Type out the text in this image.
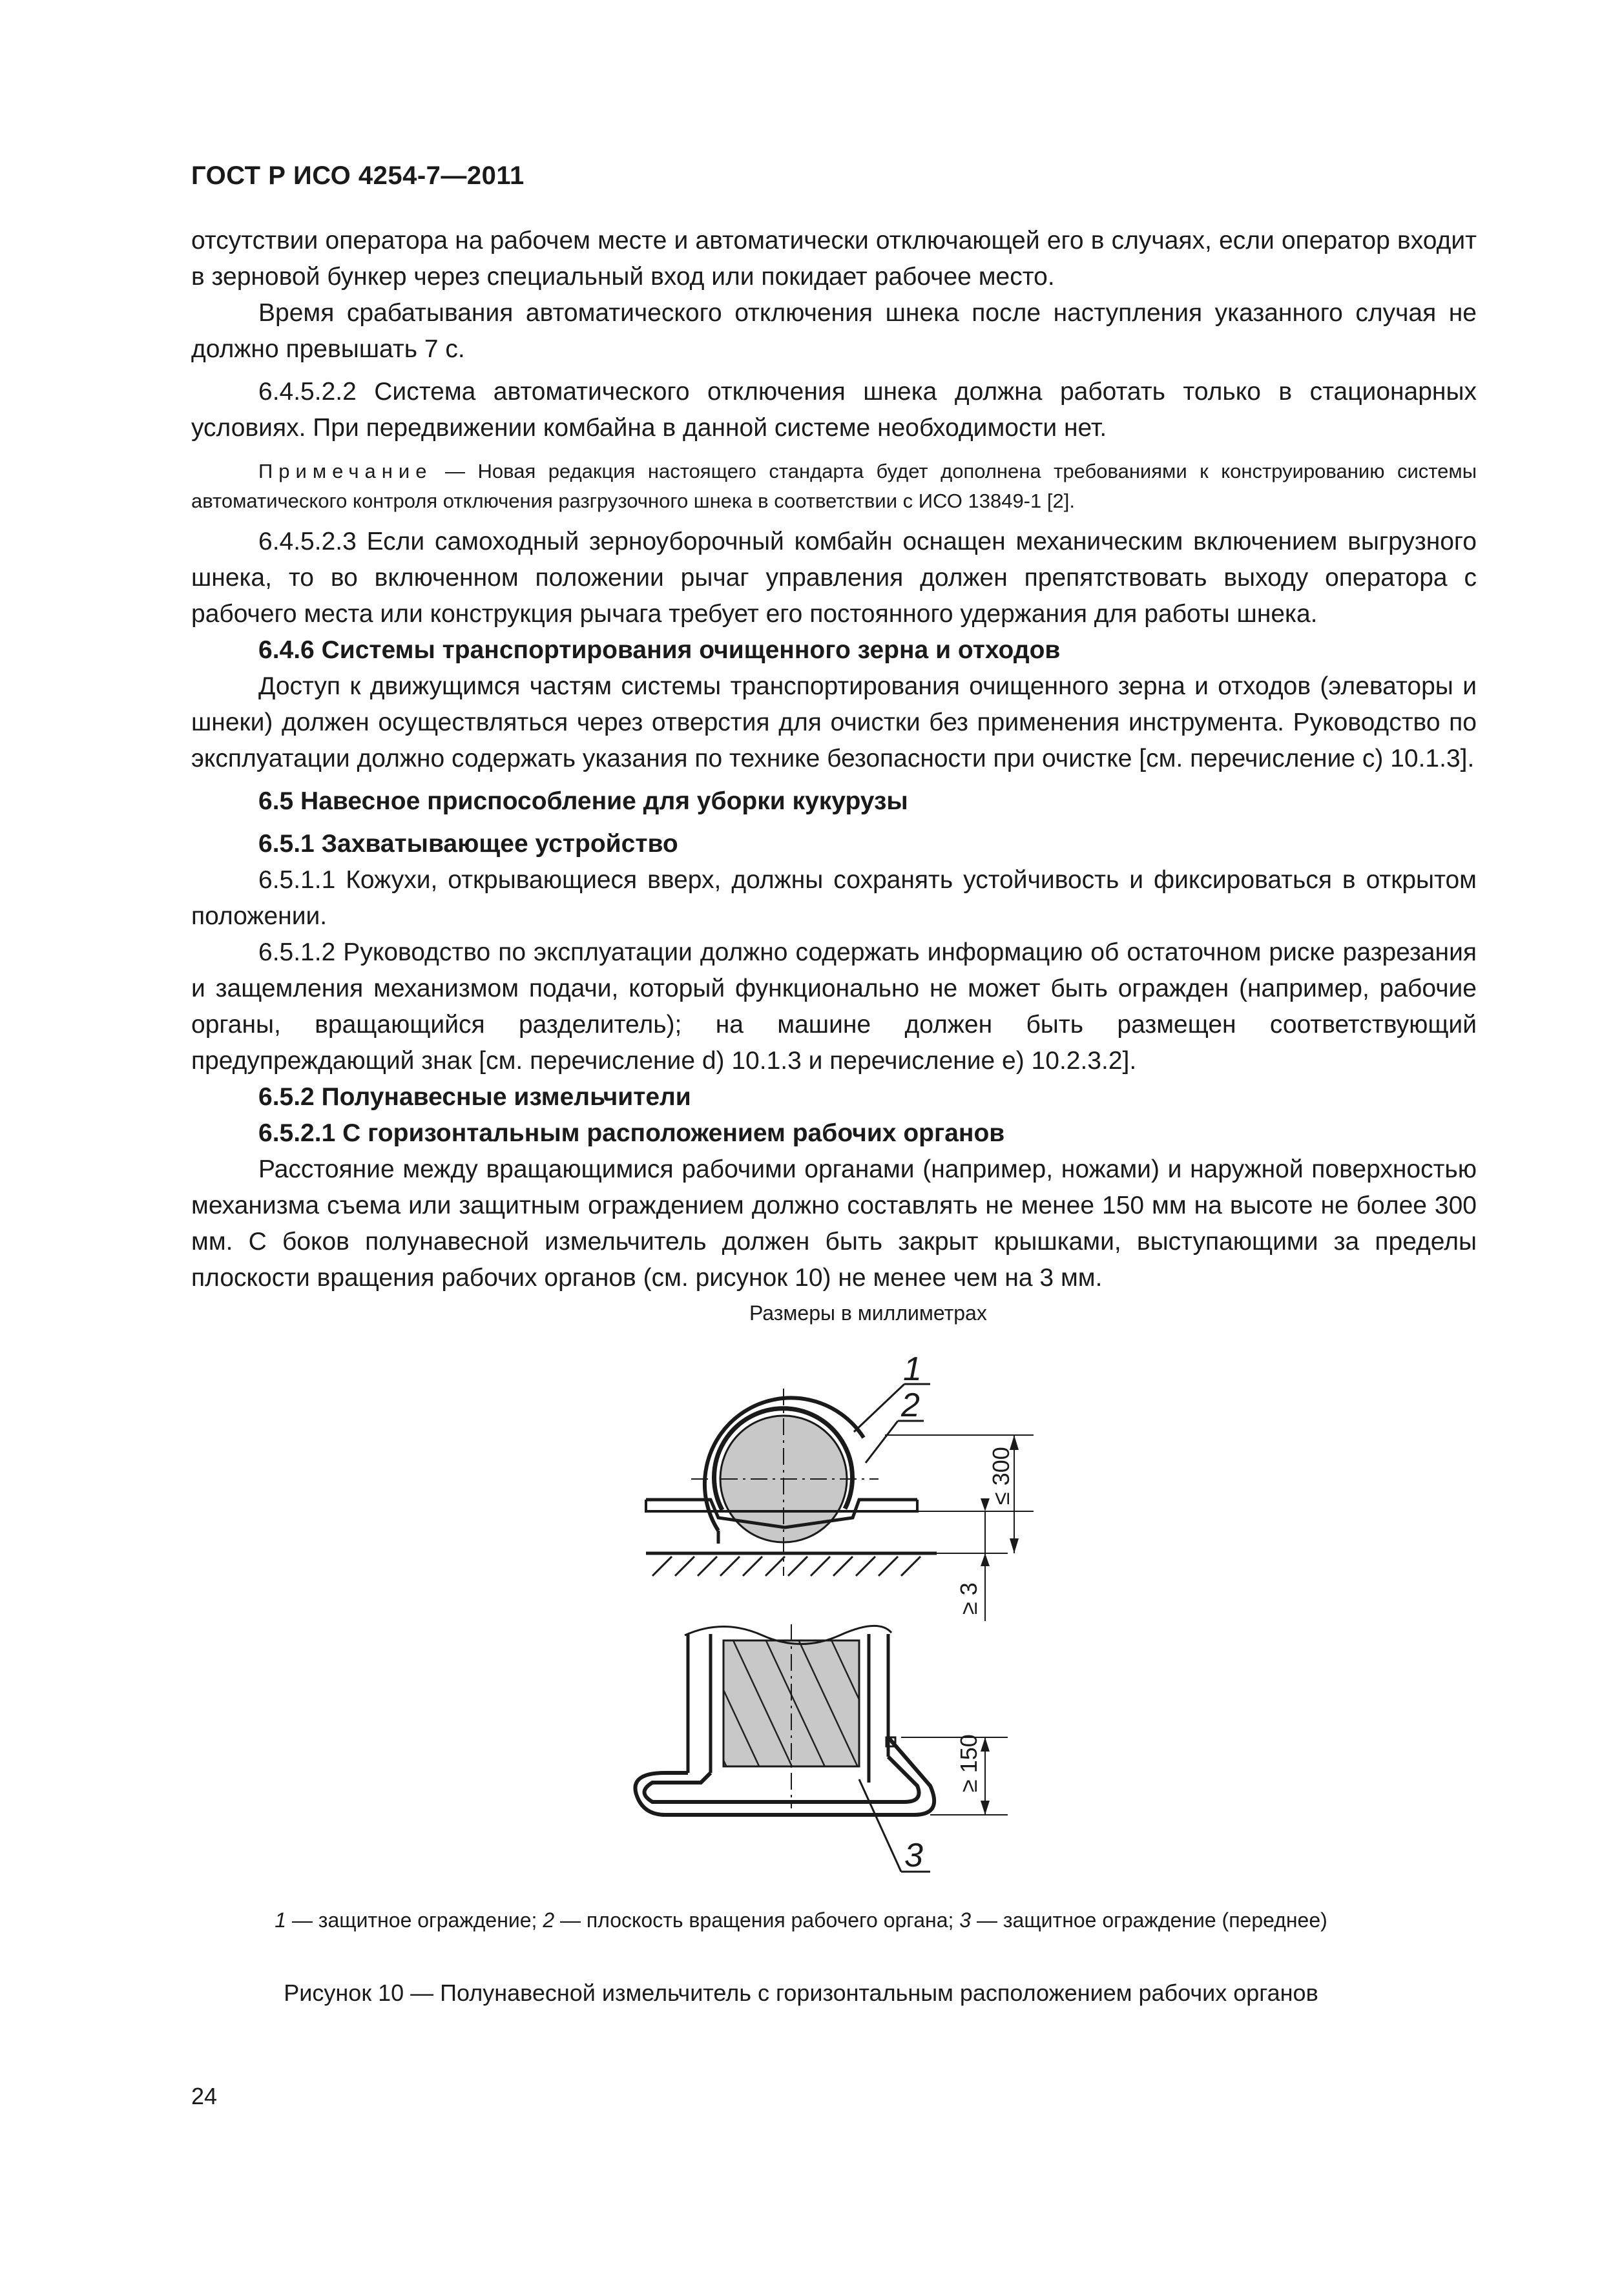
ГОСТ Р ИСО 4254-7—2011

отсутствии оператора на рабочем месте и автоматически отключающей его в случаях, если оператор входит в зерновой бункер через специальный вход или покидает рабочее место.

Время срабатывания автоматического отключения шнека после наступления указанного случая не должно превышать 7 с.

6.4.5.2.2 Система автоматического отключения шнека должна работать только в стационарных условиях. При передвижении комбайна в данной системе необходимости нет.

Примечание — Новая редакция настоящего стандарта будет дополнена требованиями к конструированию системы автоматического контроля отключения разгрузочного шнека в соответствии с ИСО 13849-1 [2].

6.4.5.2.3 Если самоходный зерноуборочный комбайн оснащен механическим включением выгрузного шнека, то во включенном положении рычаг управления должен препятствовать выходу оператора с рабочего места или конструкция рычага требует его постоянного удержания для работы шнека.

6.4.6 Системы транспортирования очищенного зерна и отходов

Доступ к движущимся частям системы транспортирования очищенного зерна и отходов (элеваторы и шнеки) должен осуществляться через отверстия для очистки без применения инструмента. Руководство по эксплуатации должно содержать указания по технике безопасности при очистке [см. перечисление с) 10.1.3].

6.5 Навесное приспособление для уборки кукурузы

6.5.1 Захватывающее устройство

6.5.1.1 Кожухи, открывающиеся вверх, должны сохранять устойчивость и фиксироваться в открытом положении.

6.5.1.2 Руководство по эксплуатации должно содержать информацию об остаточном риске разрезания и защемления механизмом подачи, который функционально не может быть огражден (например, рабочие органы, вращающийся разделитель); на машине должен быть размещен соответствующий предупреждающий знак [см. перечисление d) 10.1.3 и перечисление е) 10.2.3.2].

6.5.2 Полунавесные измельчители

6.5.2.1 С горизонтальным расположением рабочих органов

Расстояние между вращающимися рабочими органами (например, ножами) и наружной поверхностью механизма съема или защитным ограждением должно составлять не менее 150 мм на высоте не более 300 мм. С боков полунавесной измельчитель должен быть закрыт крышками, выступающими за пределы плоскости вращения рабочих органов (см. рисунок 10) не менее чем на 3 мм.

Размеры в миллиметрах
1
2
≤ 300
≥ 3
≥ 150
3
1 — защитное ограждение; 2 — плоскость вращения рабочего органа; 3 — защитное ограждение (переднее)
Рисунок 10 — Полунавесной измельчитель с горизонтальным расположением рабочих органов
24
